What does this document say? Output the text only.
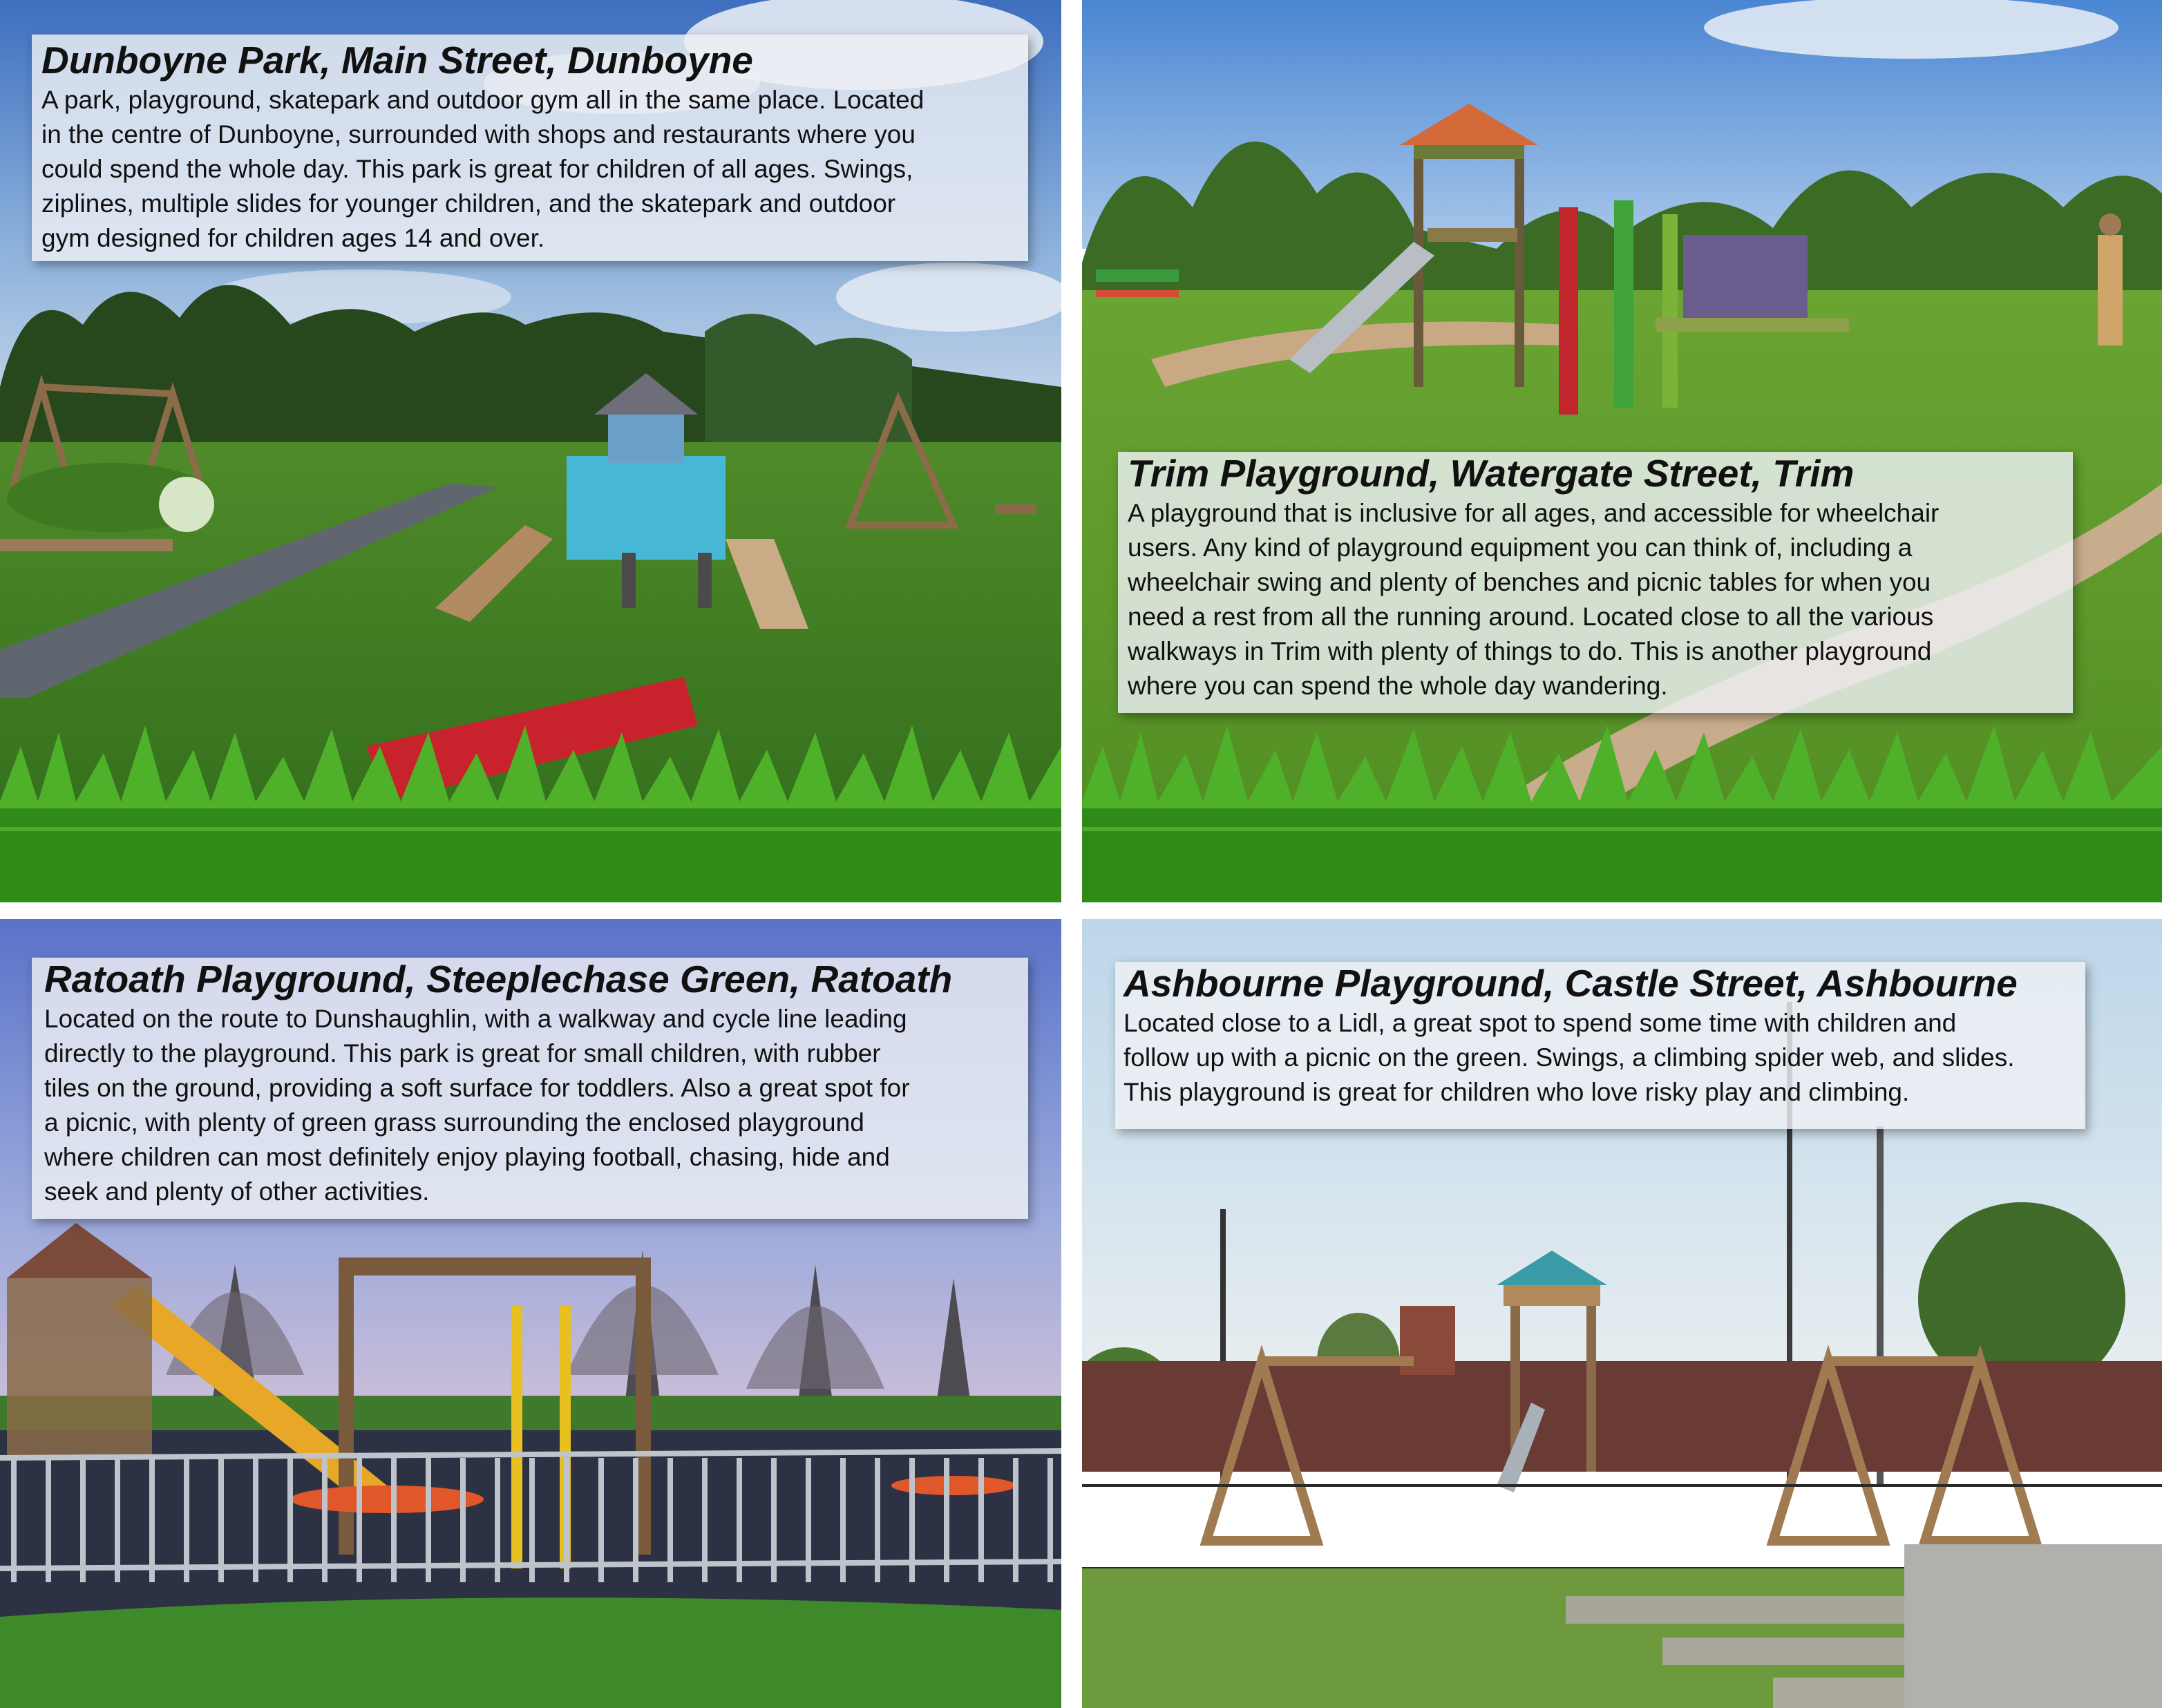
Dunboyne Park, Main Street, Dunboyne
A park, playground, skatepark and outdoor gym all in the same place. Located
in the centre of Dunboyne, surrounded with shops and restaurants where you
could spend the whole day. This park is great for children of all ages. Swings,
ziplines, multiple slides for younger children, and the skatepark and outdoor
gym designed for children ages 14 and over.
Trim Playground, Watergate Street, Trim
A playground that is inclusive for all ages, and accessible for wheelchair
users. Any kind of playground equipment you can think of, including a
wheelchair swing and plenty of benches and picnic tables for when you
need a rest from all the running around. Located close to all the various
walkways in Trim with plenty of things to do. This is another playground
where you can spend the whole day wandering.
Ratoath Playground, Steeplechase Green, Ratoath
Located on the route to Dunshaughlin, with a walkway and cycle line leading
directly to the playground. This park is great for small children, with rubber
tiles on the ground, providing a soft surface for toddlers. Also a great spot for
a picnic, with plenty of green grass surrounding the enclosed playground
where children can most definitely enjoy playing football, chasing, hide and
seek and plenty of other activities.
Ashbourne Playground, Castle Street, Ashbourne
Located close to a Lidl, a great spot to spend some time with children and
follow up with a picnic on the green. Swings, a climbing spider web, and slides.
This playground is great for children who love risky play and climbing.
